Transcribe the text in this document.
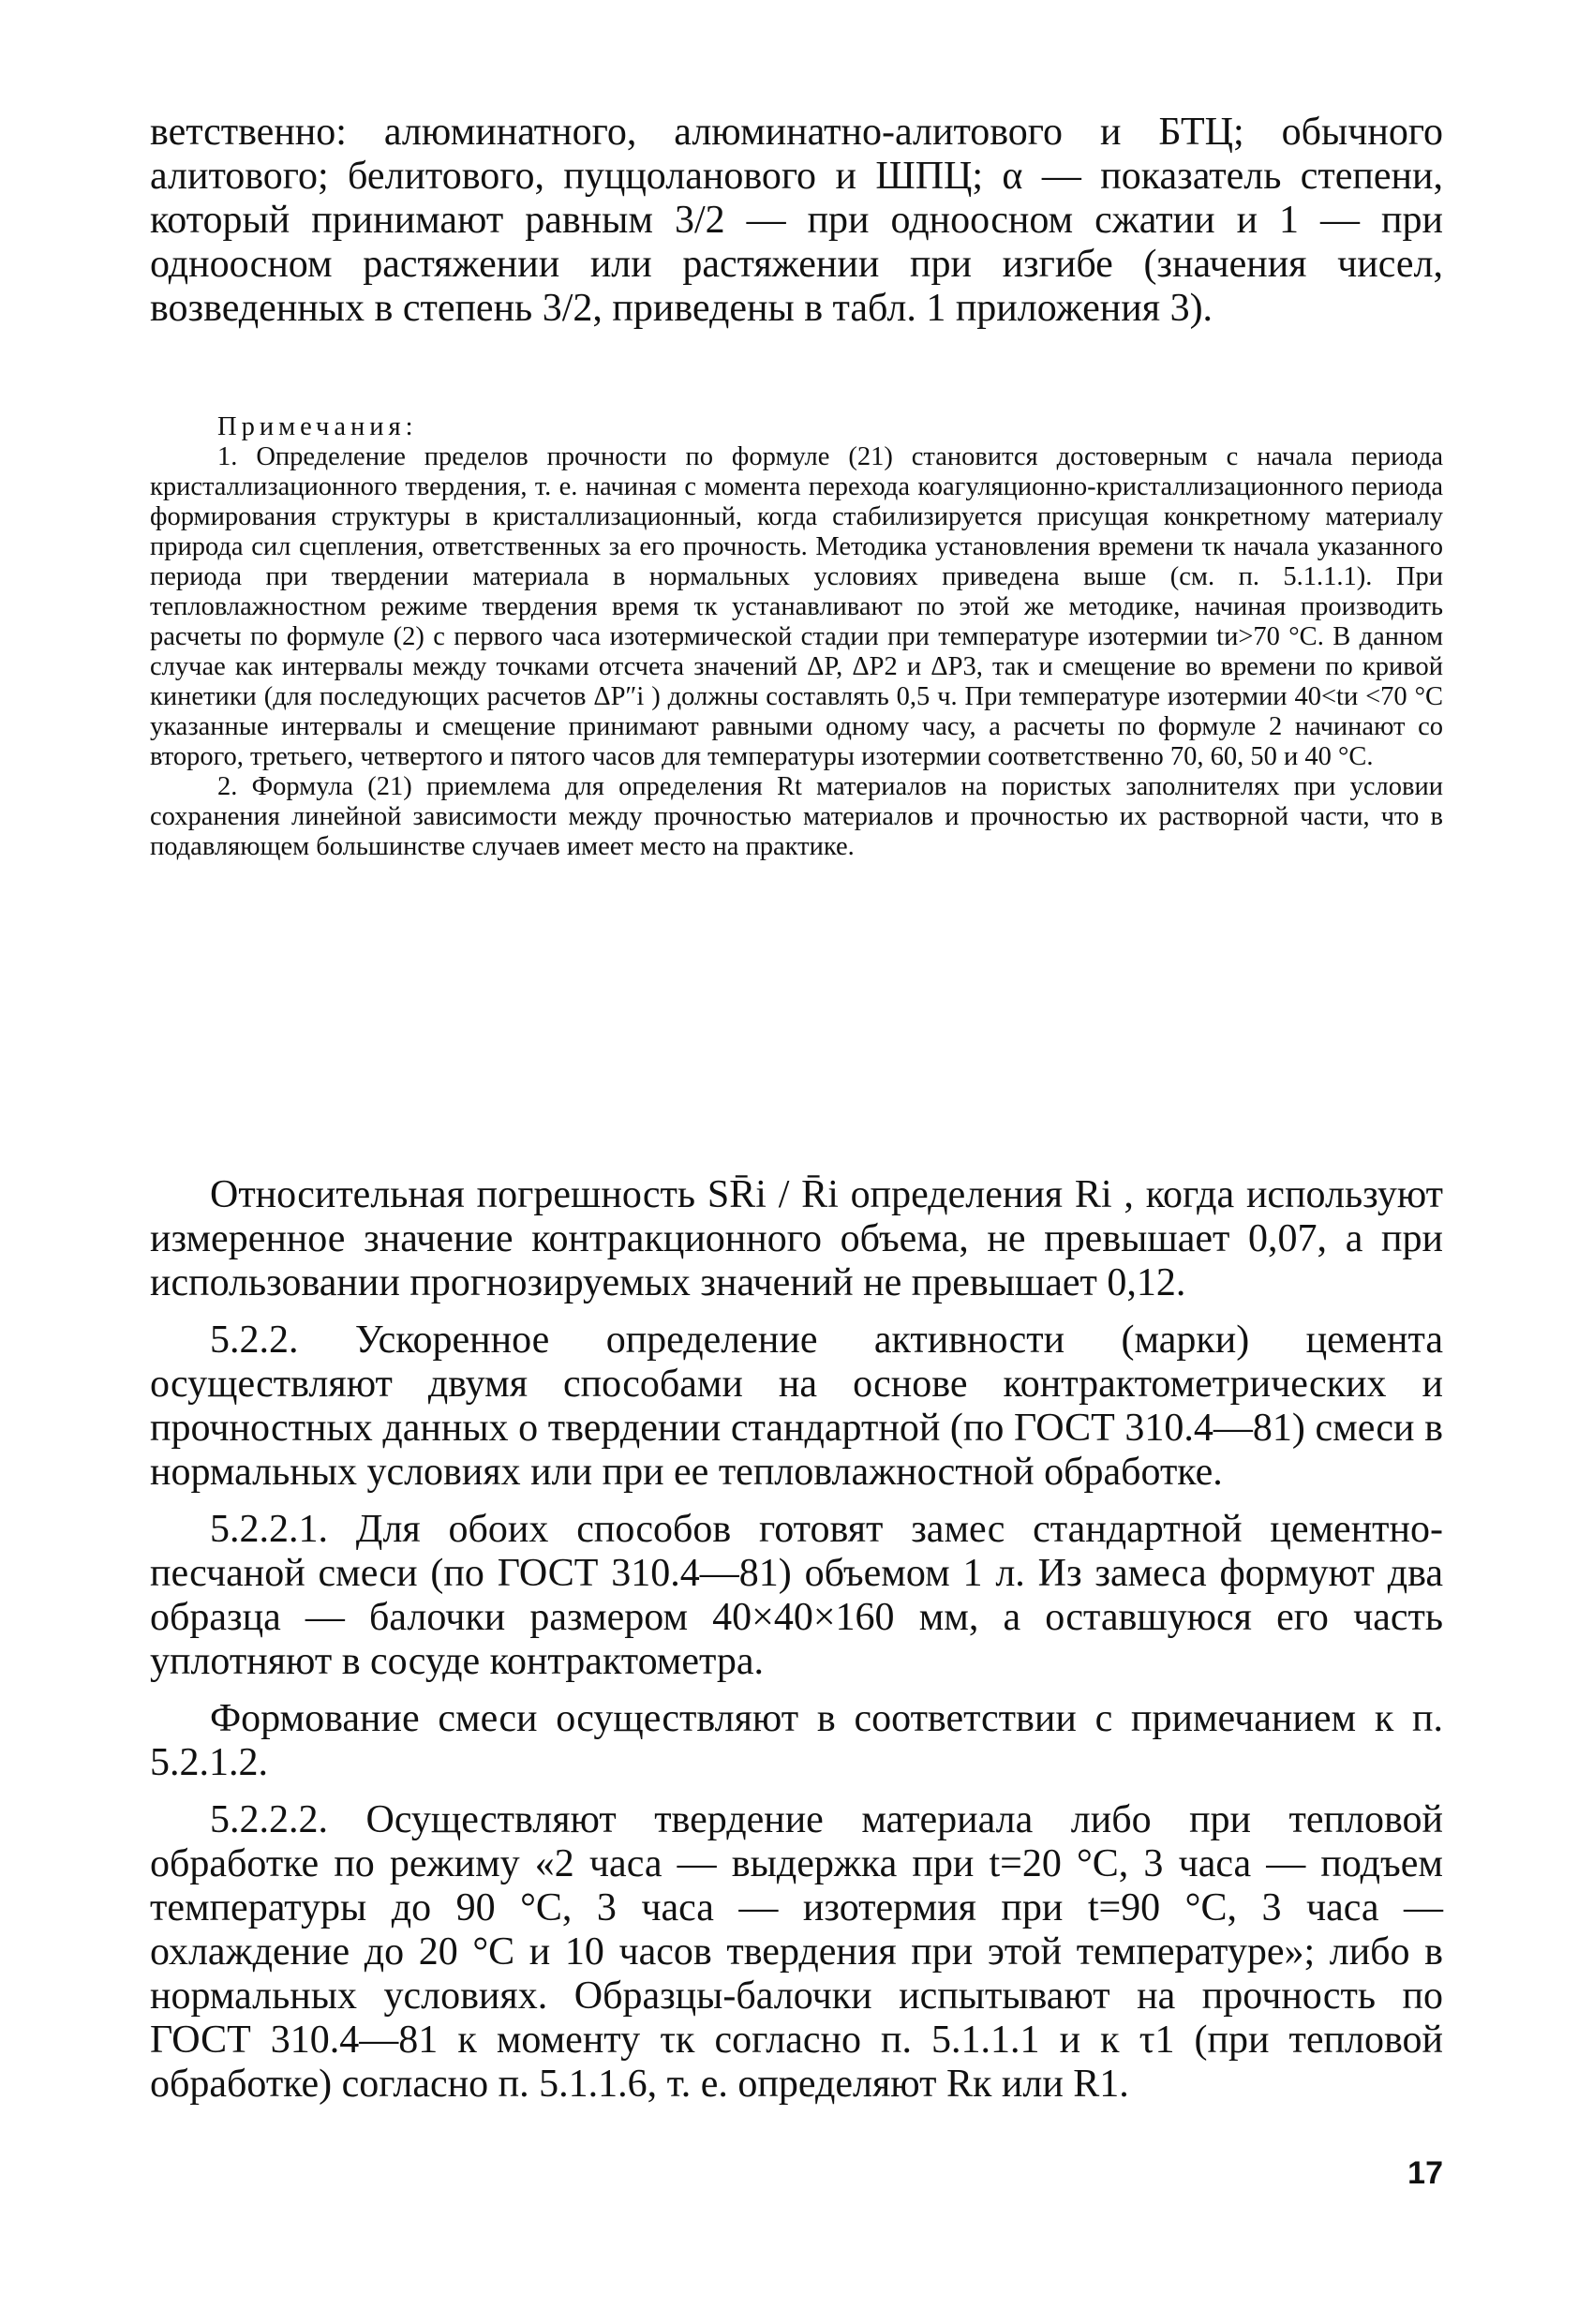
ветственно: алюминатного, алюминатно-алитового и БТЦ; обычного алитового; белитового, пуццоланового и ШПЦ; α — показатель степени, который принимают равным 3/2 — при одноосном сжатии и 1 — при одноосном растяжении или растяжении при изгибе (значения чисел, возведенных в степень 3/2, приведены в табл. 1 приложения 3).

Примечания:

1. Определение пределов прочности по формуле (21) становится достоверным с начала периода кристаллизационного твердения, т. е. начиная с момента перехода коагуляционно-кристаллизационного периода формирования структуры в кристаллизационный, когда стабилизируется присущая конкретному материалу природа сил сцепления, ответственных за его прочность. Методика установления времени τк начала указанного периода при твердении материала в нормальных условиях приведена выше (см. п. 5.1.1.1). При тепловлажностном режиме твердения время τк устанавливают по этой же методике, начиная производить расчеты по формуле (2) с первого часа изотермической стадии при температуре изотермии tи>70 °С. В данном случае как интервалы между точками отсчета значений ΔP, ΔP2 и ΔP3, так и смещение во времени по кривой кинетики (для последующих расчетов ΔP″i ) должны составлять 0,5 ч. При температуре изотермии 40<tи <70 °С указанные интервалы и смещение принимают равными одному часу, а расчеты по формуле 2 начинают со второго, третьего, четвертого и пятого часов для температуры изотермии соответственно 70, 60, 50 и 40 °С.

2. Формула (21) приемлема для определения Rt материалов на пористых заполнителях при условии сохранения линейной зависимости между прочностью материалов и прочностью их растворной части, что в подавляющем большинстве случаев имеет место на практике.

Относительная погрешность SR̄i / R̄i определения Ri , когда используют измеренное значение контракционного объема, не превышает 0,07, а при использовании прогнозируемых значений не превышает 0,12.

5.2.2. Ускоренное определение активности (марки) цемента осуществляют двумя способами на основе контрактометрических и прочностных данных о твердении стандартной (по ГОСТ 310.4—81) смеси в нормальных условиях или при ее тепловлажностной обработке.

5.2.2.1. Для обоих способов готовят замес стандартной цементно-песчаной смеси (по ГОСТ 310.4—81) объемом 1 л. Из замеса формуют два образца — балочки размером 40×40×160 мм, а оставшуюся его часть уплотняют в сосуде контрактометра.

Формование смеси осуществляют в соответствии с примечанием к п. 5.2.1.2.

5.2.2.2. Осуществляют твердение материала либо при тепловой обработке по режиму «2 часа — выдержка при t=20 °С, 3 часа — подъем температуры до 90 °С, 3 часа — изотермия при t=90 °С, 3 часа — охлаждение до 20 °С и 10 часов твердения при этой температуре»; либо в нормальных условиях. Образцы-балочки испытывают на прочность по ГОСТ 310.4—81 к моменту τк согласно п. 5.1.1.1 и к τ1 (при тепловой обработке) согласно п. 5.1.1.6, т. е. определяют Rк или R1.

17
